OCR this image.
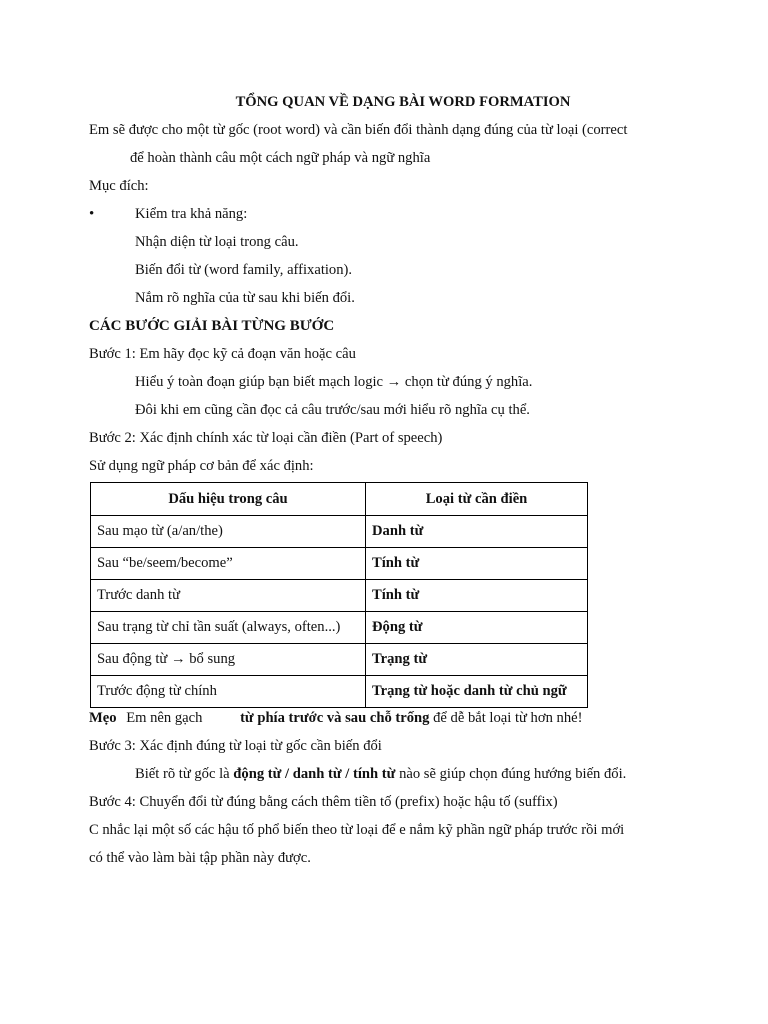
TỔNG QUAN VỀ DẠNG BÀI WORD FORMATION
Em sẽ được cho một từ gốc (root word) và cần biến đổi thành dạng đúng của từ loại (correct
để hoàn thành câu một cách ngữ pháp và ngữ nghĩa
Mục đích:
•	Kiểm tra khả năng:
Nhận diện từ loại trong câu.
Biến đổi từ (word family, affixation).
Nắm rõ nghĩa của từ sau khi biến đổi.
CÁC BƯỚC GIẢI BÀI TỪNG BƯỚC
Bước 1: Em hãy đọc kỹ cả đoạn văn hoặc câu
Hiểu ý toàn đoạn giúp bạn biết mạch logic → chọn từ đúng ý nghĩa.
Đôi khi em cũng cần đọc cả câu trước/sau mới hiểu rõ nghĩa cụ thể.
Bước 2: Xác định chính xác từ loại cần điền (Part of speech)
Sử dụng ngữ pháp cơ bản để xác định:
Dấu hiệu trong câu	Loại từ cần điền
Sau mạo từ (a/an/the)	Danh từ
Sau “be/seem/become”	Tính từ
Trước danh từ	Tính từ
Sau trạng từ chỉ tần suất (always, often...)	Động từ
Sau động từ → bổ sung	Trạng từ
Trước động từ chính	Trạng từ hoặc danh từ chủ ngữ
Mẹo Em nên gạch	từ phía trước và sau chỗ trống để dễ bắt loại từ hơn nhé!
Bước 3: Xác định đúng từ loại từ gốc cần biến đổi
Biết rõ từ gốc là động từ / danh từ / tính từ nào sẽ giúp chọn đúng hướng biến đổi.
Bước 4: Chuyển đổi từ đúng bằng cách thêm tiền tố (prefix) hoặc hậu tố (suffix)
C nhắc lại một số các hậu tố phổ biến theo từ loại để e nắm kỹ phần ngữ pháp trước rồi mới
có thể vào làm bài tập phần này được.
